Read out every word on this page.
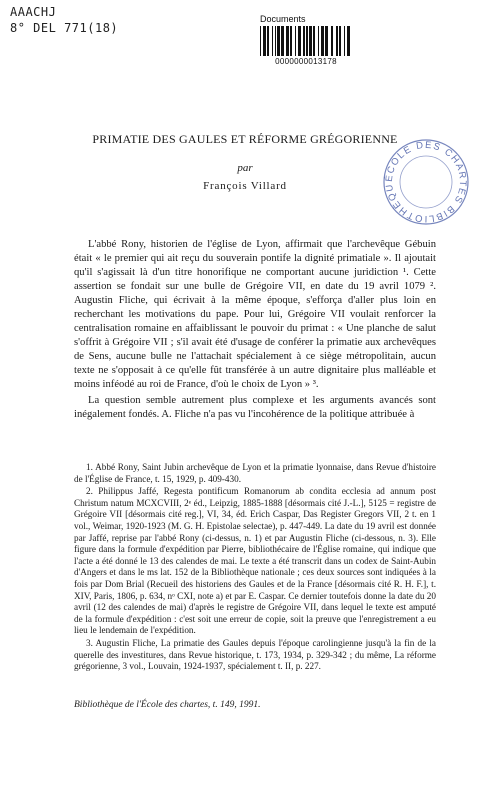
AAACHJ
8° DEL 771(18)
Documents
0000000013178
ÉCOLE DES CHARTES BIBLIOTHÈQU
PRIMATIE DES GAULES ET RÉFORME GRÉGORIENNE
par
François Villard

L'abbé Rony, historien de l'église de Lyon, affirmait que l'archevêque Gébuin était « le premier qui ait reçu du souverain pontife la dignité primatiale ». Il ajoutait qu'il s'agissait là d'un titre honorifique ne comportant aucune juridiction ¹. Cette assertion se fondait sur une bulle de Grégoire VII, en date du 19 avril 1079 ². Augustin Fliche, qui écrivait à la même époque, s'efforça d'aller plus loin en recherchant les motivations du pape. Pour lui, Grégoire VII voulait renforcer la centralisation romaine en affaiblissant le pouvoir du primat : « Une planche de salut s'offrit à Grégoire VII ; s'il avait été d'usage de conférer la primatie aux archevêques de Sens, aucune bulle ne l'attachait spécialement à ce siège métropolitain, aucun texte ne s'opposait à ce qu'elle fût transférée à un autre dignitaire plus malléable et moins inféodé au roi de France, d'où le choix de Lyon » ³.

La question semble autrement plus complexe et les arguments avancés sont inégalement fondés. A. Fliche n'a pas vu l'incohérence de la politique attribuée à

1. Abbé Rony, Saint Jubin archevêque de Lyon et la primatie lyonnaise, dans Revue d'histoire de l'Église de France, t. 15, 1929, p. 409-430.

2. Philippus Jaffé, Regesta pontificum Romanorum ab condita ecclesia ad annum post Christum natum MCXCVIII, 2ᵉ éd., Leipzig, 1885-1888 [désormais cité J.-L.], 5125 = registre de Grégoire VII [désormais cité reg.], VI, 34, éd. Erich Caspar, Das Register Gregors VII, 2 t. en 1 vol., Weimar, 1920-1923 (M. G. H. Epistolae selectae), p. 447-449. La date du 19 avril est donnée par Jaffé, reprise par l'abbé Rony (ci-dessus, n. 1) et par Augustin Fliche (ci-dessous, n. 3). Elle figure dans la formule d'expédition par Pierre, bibliothécaire de l'Église romaine, qui indique que l'acte a été donné le 13 des calendes de mai. Le texte a été transcrit dans un codex de Saint-Aubin d'Angers et dans le ms lat. 152 de la Bibliothèque nationale ; ces deux sources sont indiquées à la fois par Dom Brial (Recueil des historiens des Gaules et de la France [désormais cité R. H. F.], t. XIV, Paris, 1806, p. 634, nᵒ CXI, note a) et par E. Caspar. Ce dernier toutefois donne la date du 20 avril (12 des calendes de mai) d'après le registre de Grégoire VII, dans lequel le texte est amputé de la formule d'expédition : c'est soit une erreur de copie, soit la preuve que l'enregistrement a eu lieu le lendemain de l'expédition.

3. Augustin Fliche, La primatie des Gaules depuis l'époque carolingienne jusqu'à la fin de la querelle des investitures, dans Revue historique, t. 173, 1934, p. 329-342 ; du même, La réforme grégorienne, 3 vol., Louvain, 1924-1937, spécialement t. II, p. 227.

Bibliothèque de l'École des chartes, t. 149, 1991.
